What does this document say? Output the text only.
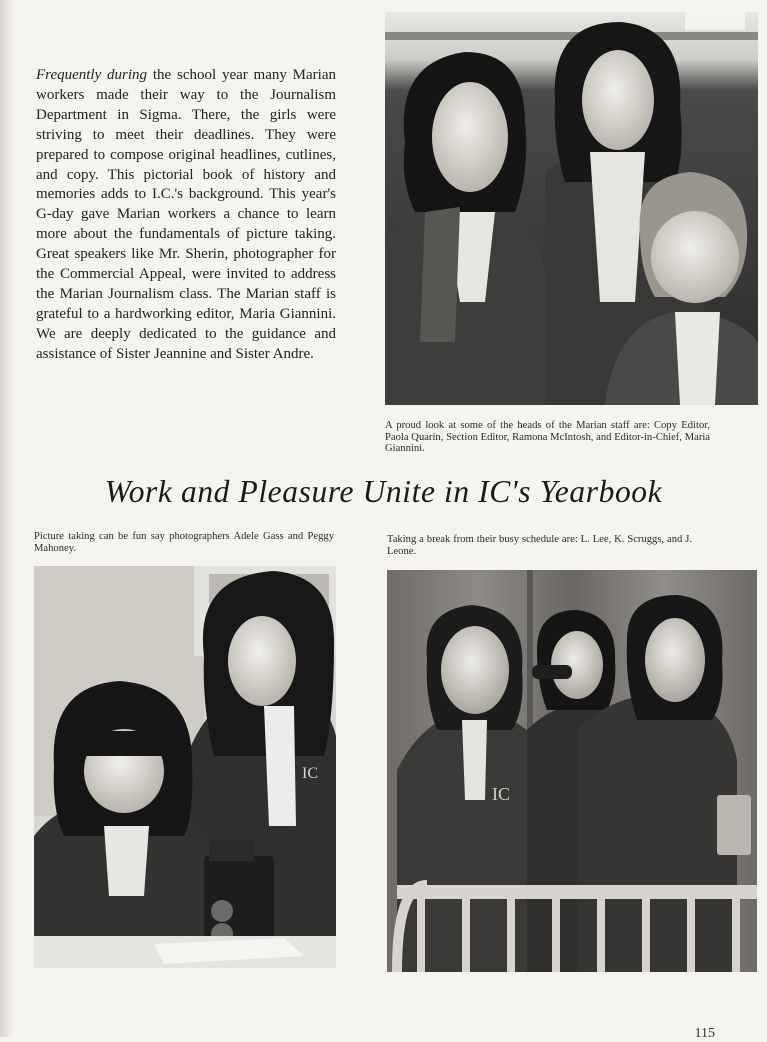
Frequently during the school year many Marian workers made their way to the Journalism Department in Sigma. There, the girls were striving to meet their deadlines. They were prepared to compose original headlines, cutlines, and copy. This pictorial book of history and memories adds to I.C.'s background. This year's G-day gave Marian workers a chance to learn more about the fundamentals of picture taking. Great speakers like Mr. Sherin, photographer for the Commercial Appeal, were invited to address the Marian Journalism class. The Marian staff is grateful to a hardworking editor, Maria Giannini. We are deeply dedicated to the guidance and assistance of Sister Jeannine and Sister Andre.

A proud look at some of the heads of the Marian staff are: Copy Editor, Paola Quarin, Section Editor, Ramona McIntosh, and Editor-in-Chief, Maria Giannini.
Work and Pleasure Unite in IC's Yearbook
Picture taking can be fun say photographers Adele Gass and Peggy Mahoney.
IC
Taking a break from their busy schedule are: L. Lee, K. Scruggs, and J. Leone.
IC
115
